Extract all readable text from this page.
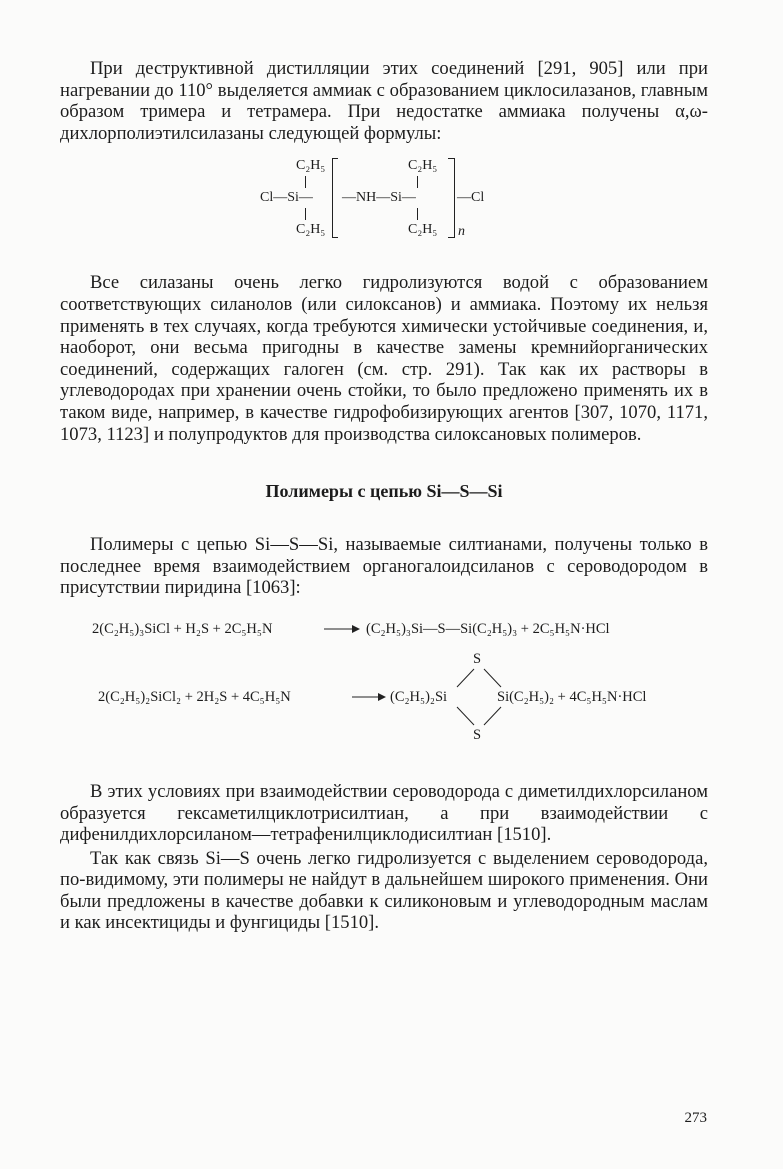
При деструктивной дистилляции этих соединений [291, 905] или при нагревании до 110° выделяется аммиак с образованием циклосилазанов, главным образом тримера и тетрамера. При недостатке аммиака получены α,ω-дихлорполиэтилсилазаны следующей формулы:

C₂H₅
Cl—Si—
C₂H₅
—NH—Si—
C₂H₅
C₂H₅
—Cl
n

Все силазаны очень легко гидролизуются водой с образованием соответствующих силанолов (или силоксанов) и аммиака. Поэтому их нельзя применять в тех случаях, когда требуются химически устойчивые соединения, и, наоборот, они весьма пригодны в качестве замены кремнийорганических соединений, содержащих галоген (см. стр. 291). Так как их растворы в углеводородах при хранении очень стойки, то было предложено применять их в таком виде, например, в качестве гидрофобизирующих агентов [307, 1070, 1171, 1073, 1123] и полупродуктов для производства силоксановых полимеров.

Полимеры с цепью Si—S—Si

Полимеры с цепью Si—S—Si, называемые силтианами, получены только в последнее время взаимодействием органогалоидсиланов с сероводородом в присутствии пиридина [1063]:

2(C₂H₅)₃SiCl + H₂S + 2C₅H₅N	(C₂H₅)₃Si—S—Si(C₂H₅)₃ + 2C₅H₅N·HCl
S
2(C₂H₅)₂SiCl₂ + 2H₂S + 4C₅H₅N	(C₂H₅)₂Si	Si(C₂H₅)₂ + 4C₅H₅N·HCl
S

В этих условиях при взаимодействии сероводорода с диметилдихлорсиланом образуется гексаметилциклотрисилтиан, а при взаимодействии с дифенилдихлорсиланом—тетрафенилциклодисилтиан [1510].

Так как связь Si—S очень легко гидролизуется с выделением сероводорода, по-видимому, эти полимеры не найдут в дальнейшем широкого применения. Они были предложены в качестве добавки к силиконовым и углеводородным маслам и как инсектициды и фунгициды [1510].

273
